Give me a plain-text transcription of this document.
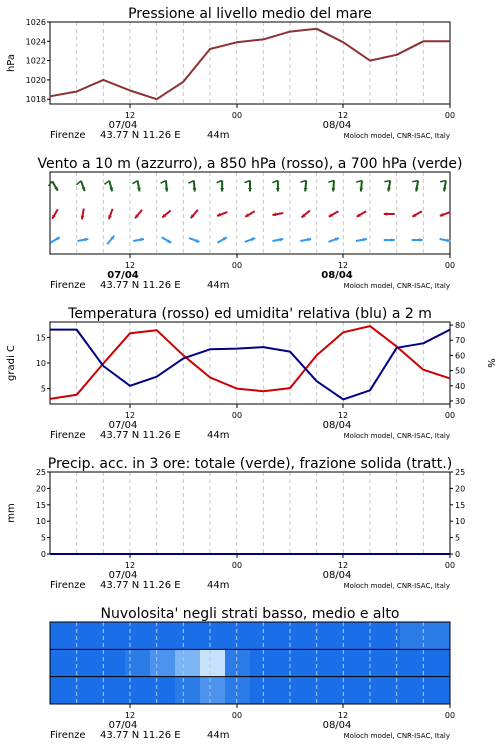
Pressione al livello medio del mare
1018
1020
1022
1024
1026
hPa
12	00	12	00
07/04	08/04
Firenze 43.77 N 11.26 E	44m	Moloch model, CNR-ISAC, Italy
Vento a 10 m (azzurro), a 850 hPa (rosso), a 700 hPa (verde)
12	00	12	00
07/04	08/04
Firenze 43.77 N 11.26 E	44m	Moloch model, CNR-ISAC, Italy
Temperatura (rosso) ed umidita' relativa (blu) a 2 m
5
10
15
30
40
50
60
70
80
gradi C	%
12	00	12	00
07/04	08/04
Firenze 43.77 N 11.26 E	44m	Moloch model, CNR-ISAC, Italy
Precip. acc. in 3 ore: totale (verde), frazione solida (tratt.)
0
5
10
15
20
25
0
5
10
15
20
25
mm
12	00	12	00
07/04	08/04
Firenze 43.77 N 11.26 E	44m	Moloch model, CNR-ISAC, Italy
Nuvolosita' negli strati basso, medio e alto
12	00	12	00
07/04	08/04
Firenze 43.77 N 11.26 E	44m	Moloch model, CNR-ISAC, Italy
